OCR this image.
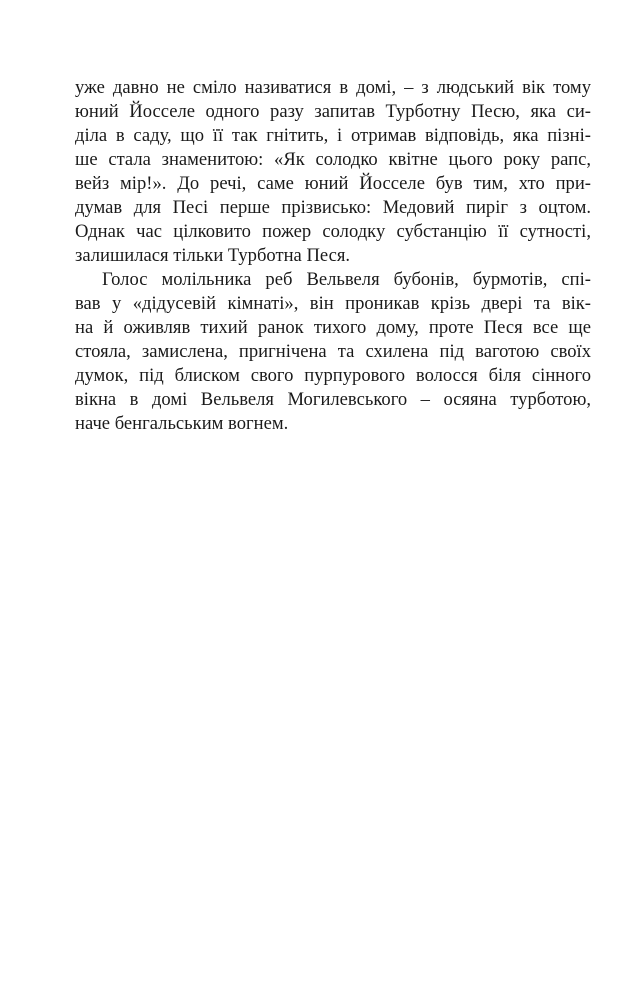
уже давно не сміло називатися в домі, – з людський вік тому
юний Йосселе одного разу запитав Турботну Песю, яка си-
діла в саду, що її так гнітить, і отримав відповідь, яка пізні-
ше стала знаменитою: «Як солодко квітне цього року рапс,
вейз мір!». До речі, саме юний Йосселе був тим, хто при-
думав для Песі перше прізвисько: Медовий пиріг з оцтом.
Однак час цілковито пожер солодку субстанцію її сутності,
залишилася тільки Турботна Песя.
Голос молільника реб Вельвеля бубонів, бурмотів, спі-
вав у «дідусевій кімнаті», він проникав крізь двері та вік-
на й оживляв тихий ранок тихого дому, проте Песя все ще
стояла, замислена, пригнічена та схилена під ваготою своїх
думок, під блиском свого пурпурового волосся біля сінного
вікна в домі Вельвеля Могилевського – осяяна турботою,
наче бенгальським вогнем.
